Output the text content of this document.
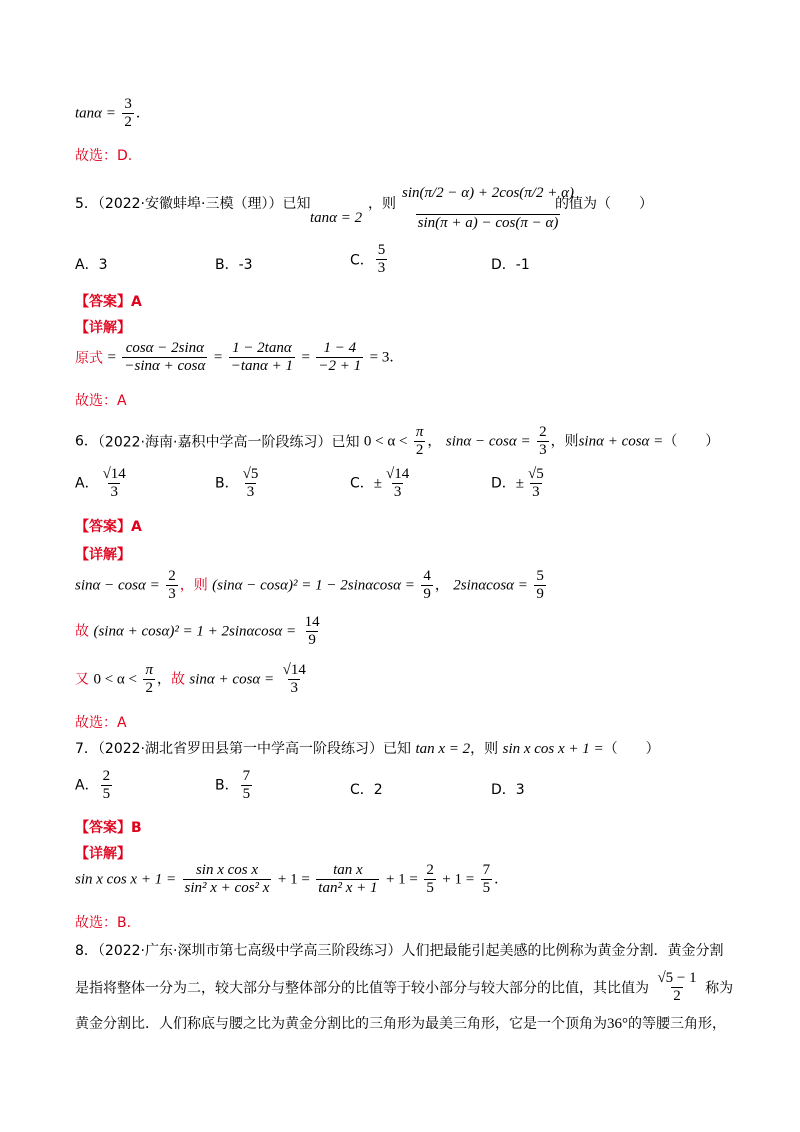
$\tan\alpha = \frac{3}{2}$ ．
故选：D.
5．（2022·安徽蚌埠·三模（理））已知
tanα = 2
，则 $\frac{\sin(\pi/2 - \alpha) + 2\cos(\pi/2 + \alpha)}{\sin(\pi + a) - \cos(\pi - \alpha)}$
的值为（　　）
A．3	B．-3	C． $\frac{5}{3}$	D．-1
【答案】A
【详解】
原式 = $\frac{\cos\alpha - 2\sin\alpha}{-\sin\alpha + \cos\alpha} = \frac{1 - 2\tan\alpha}{-\tan\alpha + 1} = \frac{1 - 4}{-2 + 1} = 3$．
故选：A
6．（2022·海南·嘉积中学高一阶段练习）已知 $0 < \alpha < \frac{\pi}{2}$ ， $\sin\alpha - \cos\alpha = \frac{2}{3}$ ，则sinα + cosα =（　　）
A． $\frac{√14}{3}$	B． $\frac{√5}{3}$	C．± $\frac{√14}{3}$	D．± $\frac{√5}{3}$
【答案】A
【详解】
$\sin\alpha - \cos\alpha = \frac{2}{3}$ ，则 $(\sin\alpha - \cos\alpha)^2 = 1 - 2\sin\alpha\cos\alpha = \frac{4}{9}$ ， $2\sin\alpha\cos\alpha = \frac{5}{9}$
故 $(\sin\alpha + \cos\alpha)^2 = 1 + 2\sin\alpha\cos\alpha = \frac{14}{9}$
又 $0 < \alpha < \frac{\pi}{2}$ ，故 $\sin\alpha + \cos\alpha = \frac{√14}{3}$
故选：A
7．（2022·湖北省罗田县第一中学高一阶段练习）已知 tan x = 2，则 sin x cos x + 1 =（　　）
A． $\frac{2}{5}$	B． $\frac{7}{5}$	C．2	D．3
【答案】B
【详解】
sin x $\cos x + 1 = \frac{\text{sin x cos x}}{\text{sin² x + cos² x}} + 1 = \frac{\text{tan x}}{\text{tan² x + 1}} + 1 = \frac{2}{5} + 1 = \frac{7}{5}$ ．
故选：B.
8．（2022·广东·深圳市第七高级中学高三阶段练习）人们把最能引起美感的比例称为黄金分割．黄金分割
是指将整体一分为二，较大部分与整体部分的比值等于较小部分与较大部分的比值，其比值为 $\frac{√5 - 1}{2}$ 称为
黄金分割比．人们称底与腰之比为黄金分割比的三角形为最美三角形，它是一个顶角为36°的等腰三角形，
